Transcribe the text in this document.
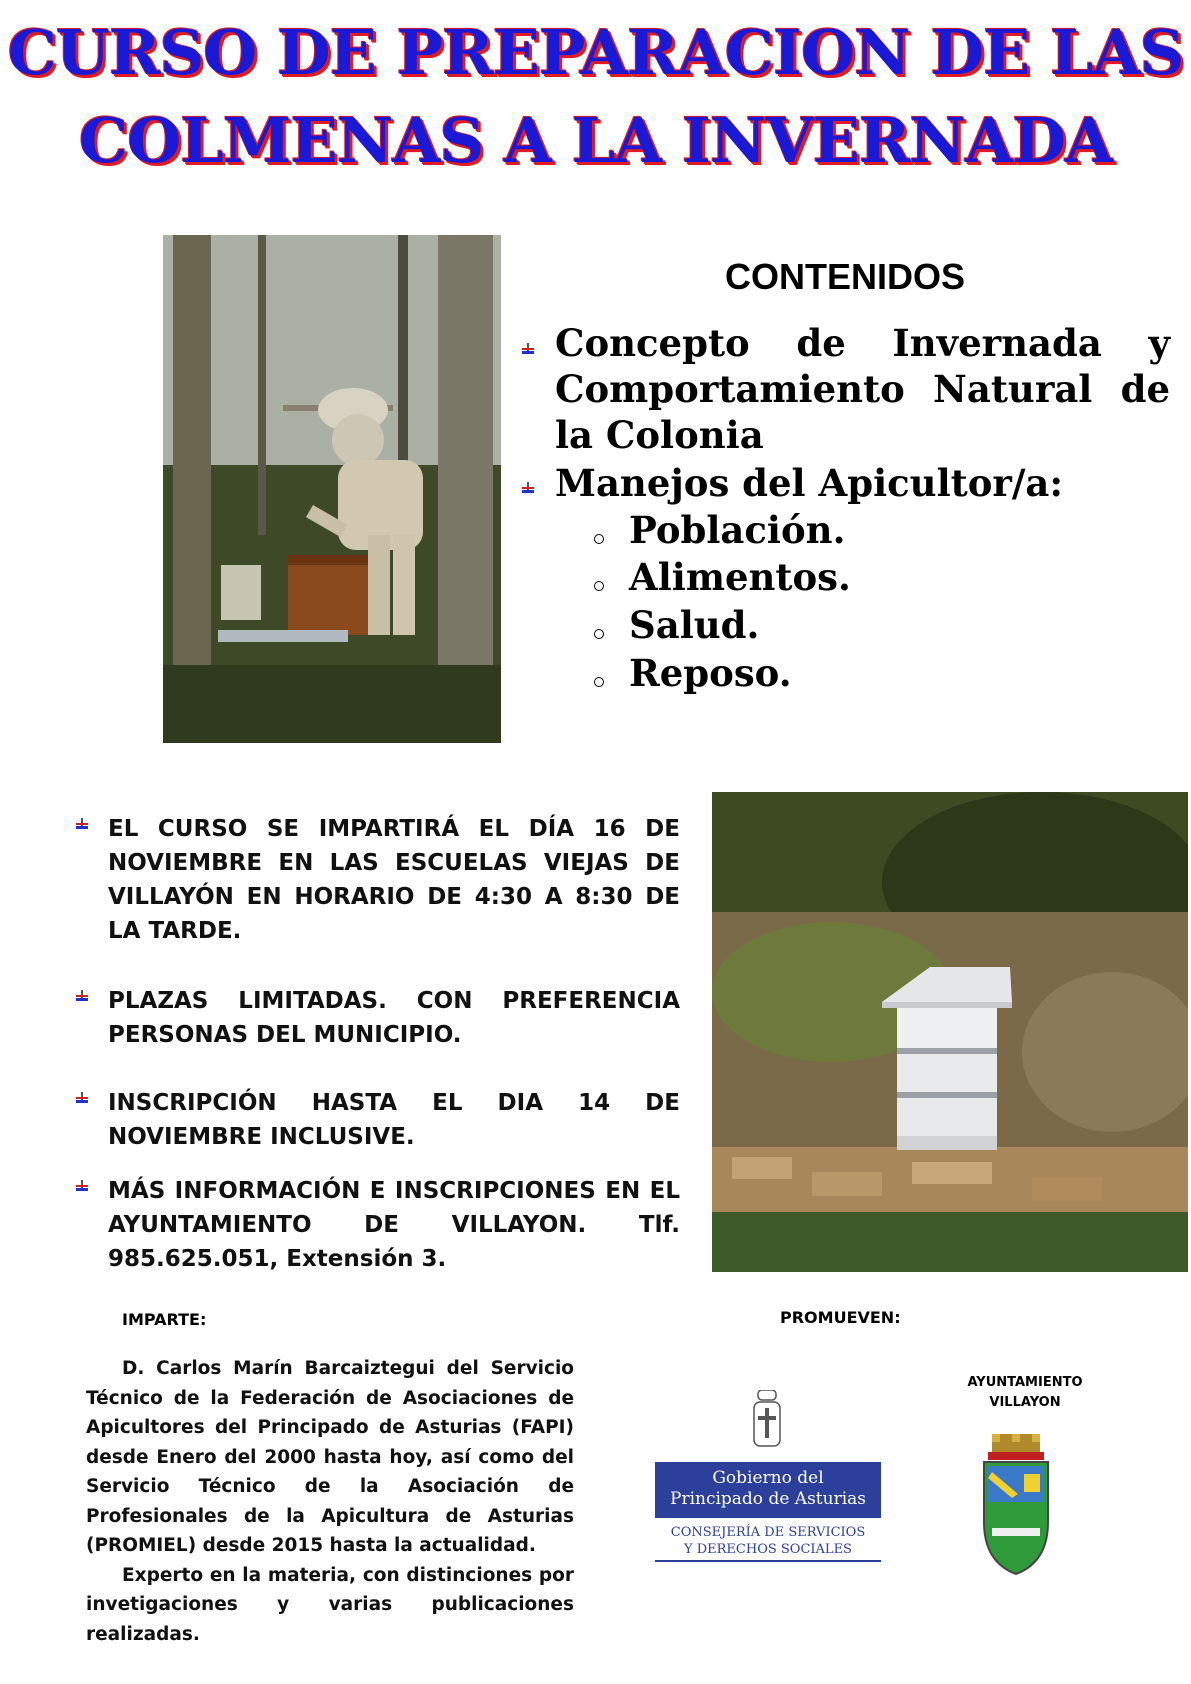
CURSO DE PREPARACION DE LAS
COLMENAS A LA INVERNADA
CONTENIDOS
Concepto de Invernada y Comportamiento Natural de la Colonia
Manejos del Apicultor/a:
Población.
Alimentos.
Salud.
Reposo.
EL CURSO SE IMPARTIRÁ EL DÍA 16 DE NOVIEMBRE EN LAS ESCUELAS VIEJAS DE VILLAYÓN EN HORARIO DE 4:30 A 8:30 DE LA TARDE.
PLAZAS LIMITADAS. CON PREFERENCIA PERSONAS DEL MUNICIPIO.
INSCRIPCIÓN HASTA EL DIA 14 DE NOVIEMBRE INCLUSIVE.
MÁS INFORMACIÓN E INSCRIPCIONES EN EL AYUNTAMIENTO DE VILLAYON. Tlf. 985.625.051, Extensión 3.
IMPARTE:

D. Carlos Marín Barcaiztegui del Servicio Técnico de la Federación de Asociaciones de Apicultores del Principado de Asturias (FAPI) desde Enero del 2000 hasta hoy, así como del Servicio Técnico de la Asociación de Profesionales de la Apicultura de Asturias (PROMIEL) desde 2015 hasta la actualidad.

Experto en la materia, con distinciones por invetigaciones y varias publicaciones realizadas.

PROMUEVEN:
Gobierno del
Principado de Asturias
CONSEJERÍA DE SERVICIOS
Y DERECHOS SOCIALES
AYUNTAMIENTO
VILLAYON
